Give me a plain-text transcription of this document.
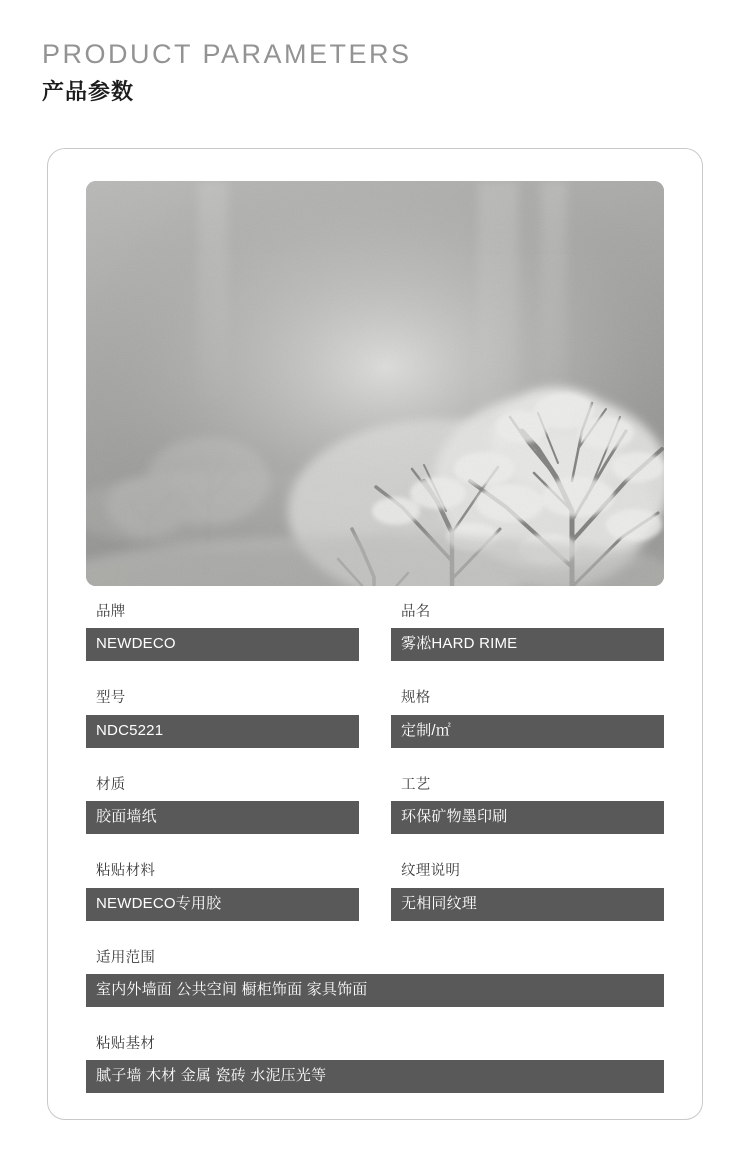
PRODUCT PARAMETERS
产品参数
品牌
NEWDECO
品名
雾凇HARD RIME
型号
NDC5221
规格
定制/㎡
材质
胶面墙纸
工艺
环保矿物墨印刷
粘贴材料
NEWDECO专用胶
纹理说明
无相同纹理
适用范围
室内外墙面 公共空间 橱柜饰面 家具饰面
粘贴基材
腻子墙 木材 金属 瓷砖 水泥压光等
